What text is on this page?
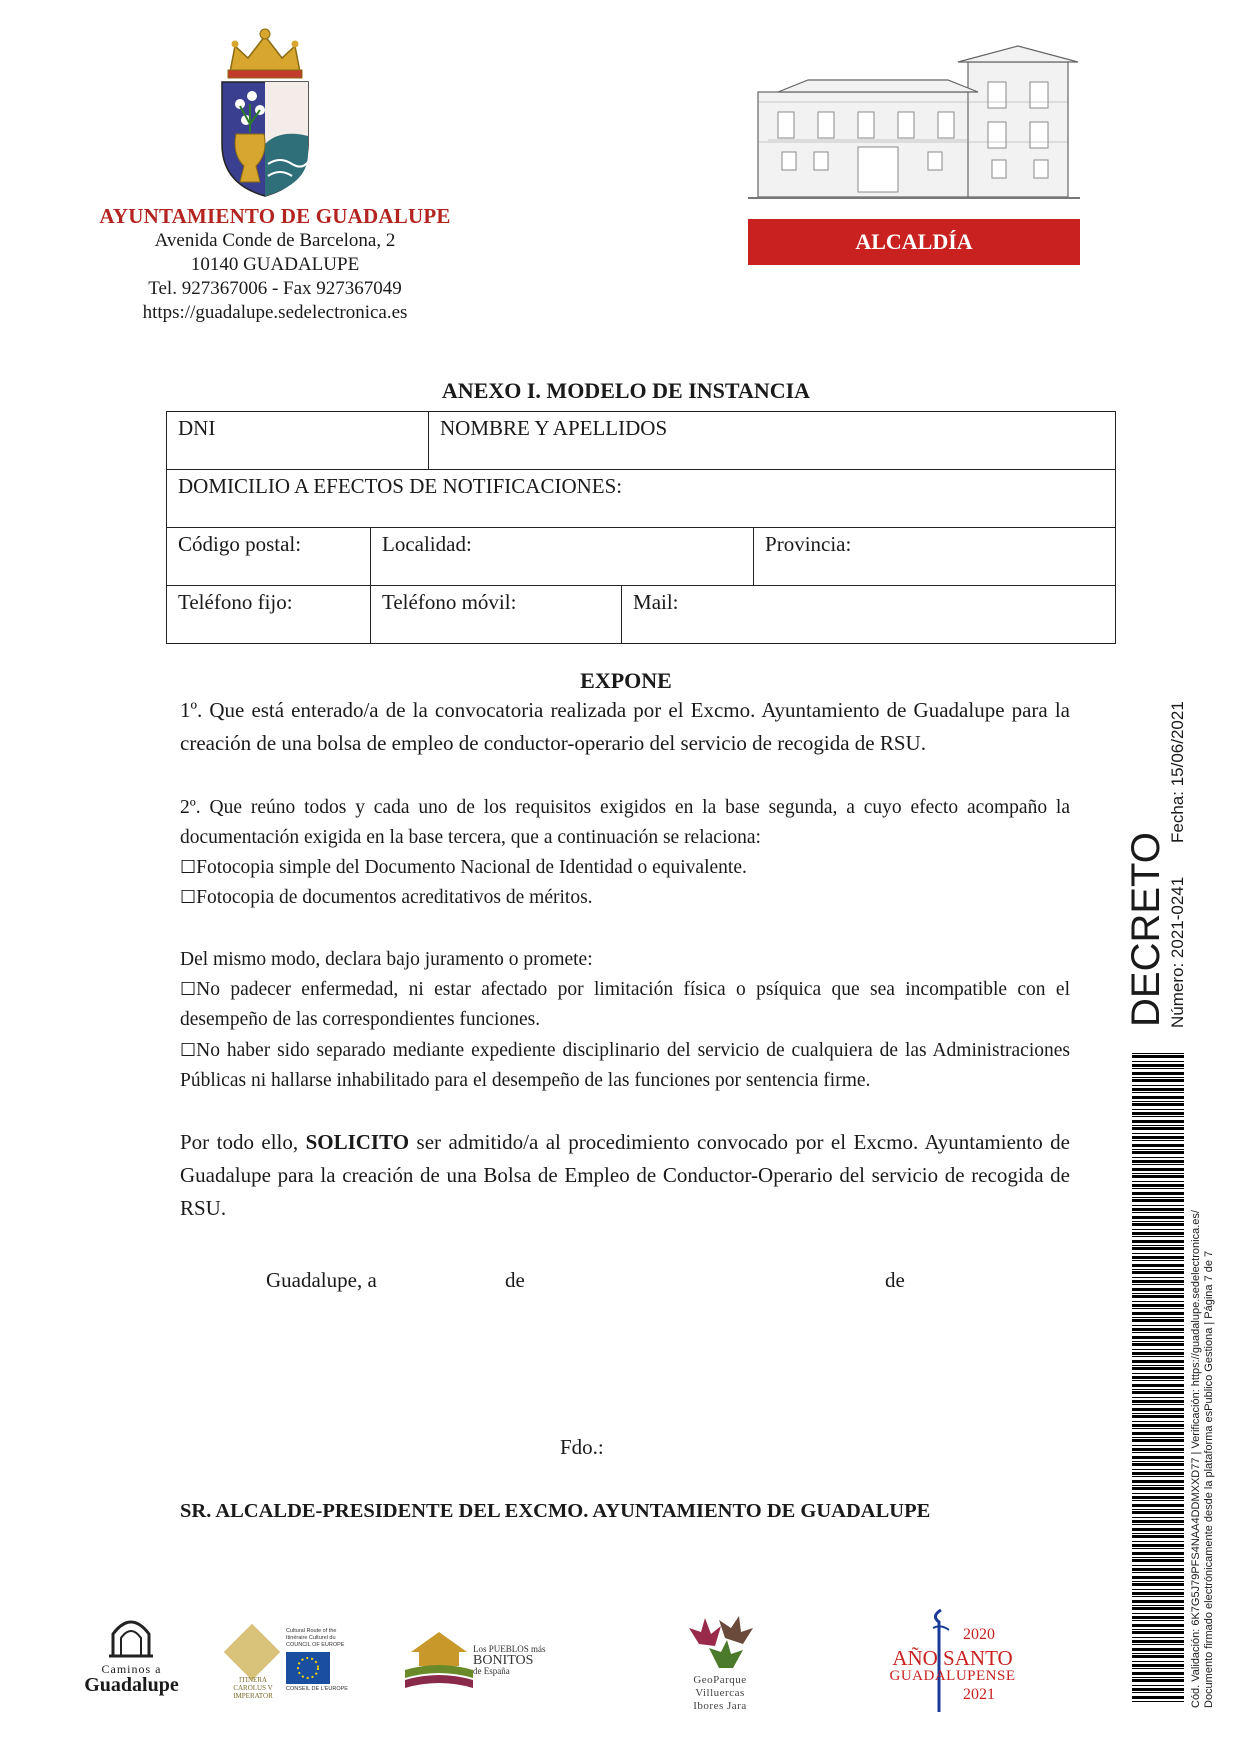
AYUNTAMIENTO DE GUADALUPE
Avenida Conde de Barcelona, 2
10140 GUADALUPE
Tel. 927367006 - Fax 927367049
https://guadalupe.sedelectronica.es
ALCALDÍA
ANEXO I. MODELO DE INSTANCIA
DNI		NOMBRE Y APELLIDOS		
DOMICILIO A EFECTOS DE NOTIFICACIONES:				
Código postal:	Localidad:			Provincia:
Teléfono fijo:	Teléfono móvil:		Mail:	
EXPONE
1º. Que está enterado/a de la convocatoria realizada por el Excmo. Ayuntamiento de Guadalupe para la creación de una bolsa de empleo de conductor-operario del servicio de recogida de RSU.
2º. Que reúno todos y cada uno de los requisitos exigidos en la base segunda, a cuyo efecto acompaño la documentación exigida en la base tercera, que a continuación se relaciona:
☐Fotocopia simple del Documento Nacional de Identidad o equivalente.
☐Fotocopia de documentos acreditativos de méritos.
Del mismo modo, declara bajo juramento o promete:
☐No padecer enfermedad, ni estar afectado por limitación física o psíquica que sea incompatible con el desempeño de las correspondientes funciones.
☐No haber sido separado mediante expediente disciplinario del servicio de cualquiera de las Administraciones Públicas ni hallarse inhabilitado para el desempeño de las funciones por sentencia firme.
Por todo ello, SOLICITO ser admitido/a al procedimiento convocado por el Excmo. Ayuntamiento de Guadalupe para la creación de una Bolsa de Empleo de Conductor-Operario del servicio de recogida de RSU.
Guadalupe, a	de	de
Fdo.:
SR. ALCALDE-PRESIDENTE DEL EXCMO. AYUNTAMIENTO DE GUADALUPE
DECRETO Número: 2021-0241
Fecha: 15/06/2021
Cód. Validación: 6K7G5J79PFS4NAA4DDMXXD77 | Verificación: https://guadalupe.sedelectronica.es/ Documento firmado electrónicamente desde la plataforma esPublico Gestiona | Página 7 de 7
Caminos a
Guadalupe	ITINERA
CAROLUS V
IMPERATOR
Cultural Route of the
Itinéraire Culturel du
COUNCIL OF EUROPE
CONSEIL DE L'EUROPE
Los PUEBLOS más
BONITOS
de España
GeoParque
Villuercas
Ibores Jara
2020
AÑO SANTO
GUADALUPENSE
2021
